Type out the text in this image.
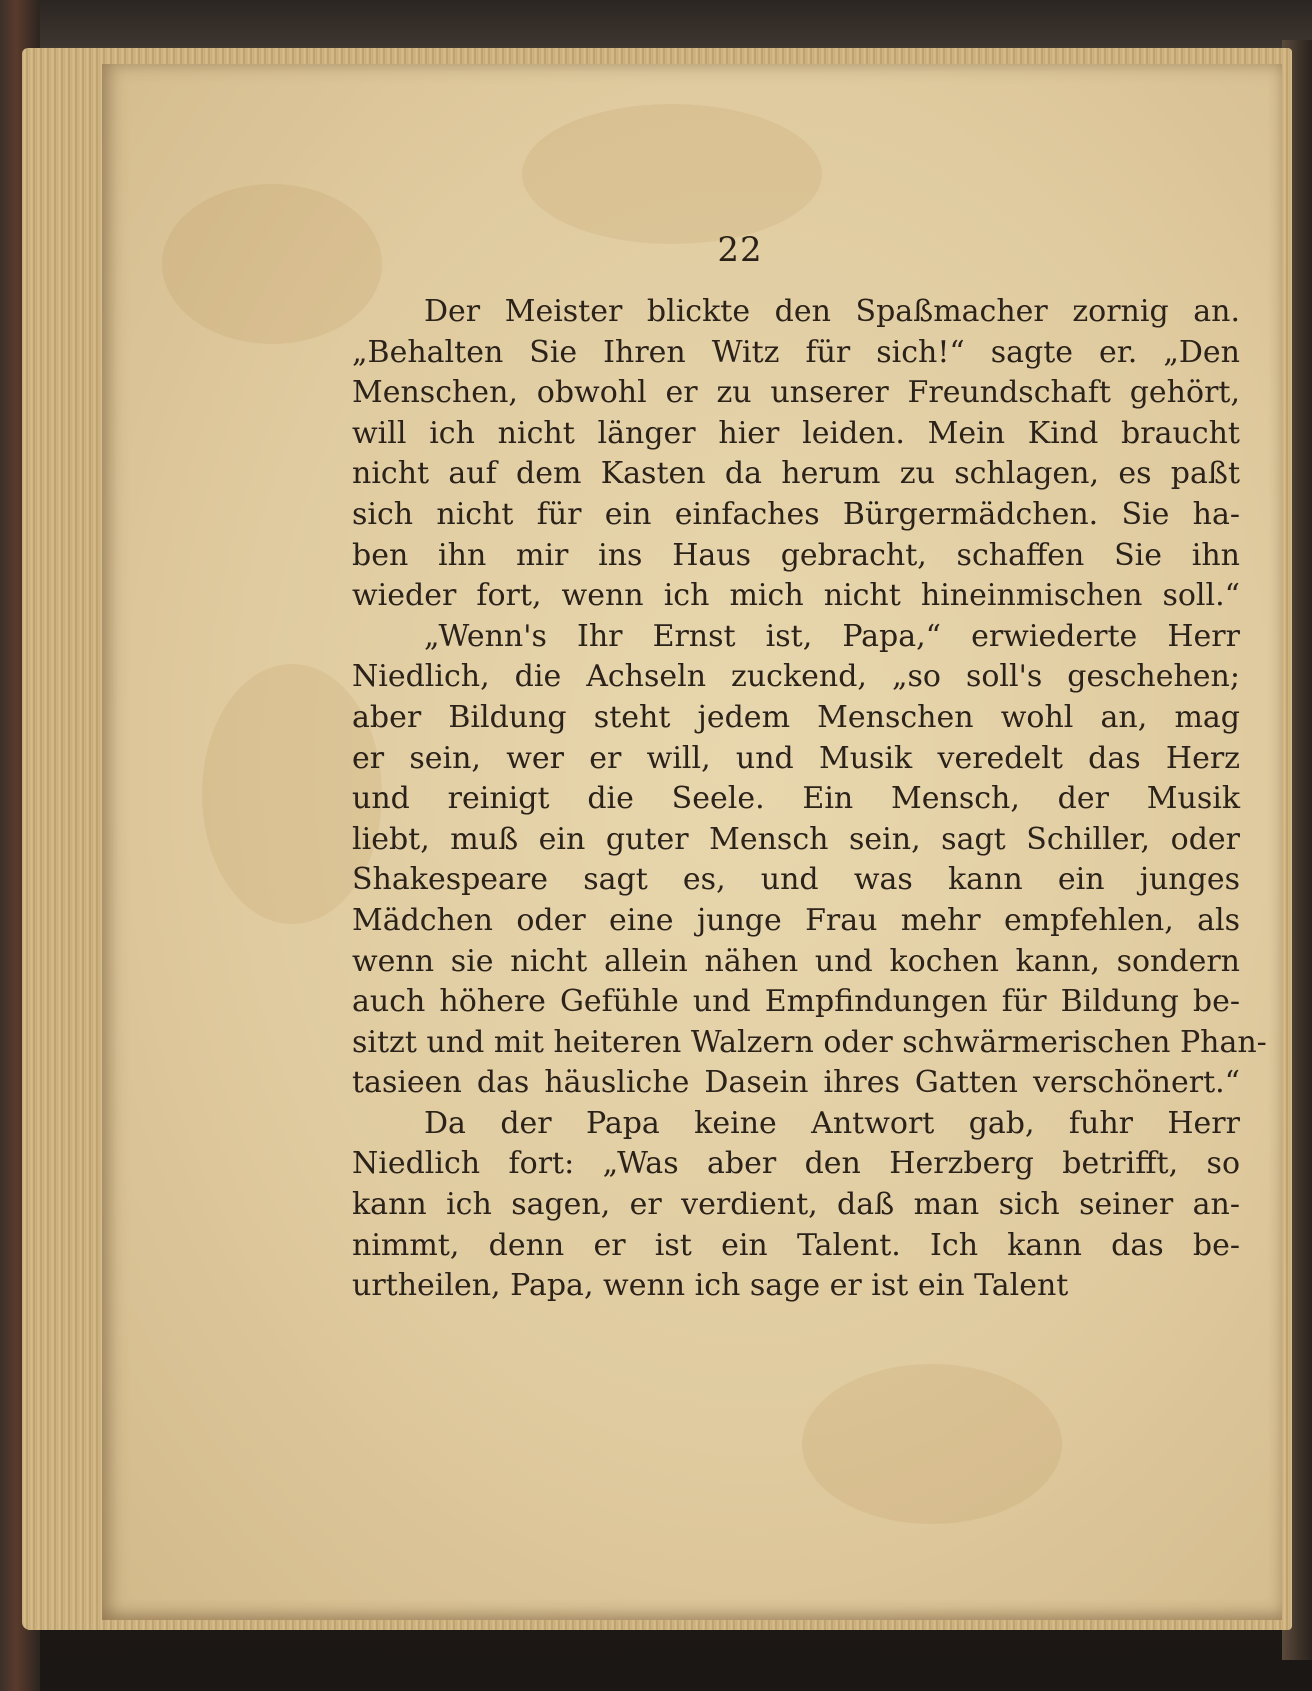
22
Der Meister blickte den Spaßmacher zornig an.
„Behalten Sie Ihren Witz für sich!“ sagte er. „Den
Menschen, obwohl er zu unserer Freundschaft gehört,
will ich nicht länger hier leiden. Mein Kind braucht
nicht auf dem Kasten da herum zu schlagen, es paßt
sich nicht für ein einfaches Bürgermädchen. Sie ha-
ben ihn mir ins Haus gebracht, schaffen Sie ihn
wieder fort, wenn ich mich nicht hineinmischen soll.“
„Wenn's Ihr Ernst ist, Papa,“ erwiederte Herr
Niedlich, die Achseln zuckend, „so soll's geschehen;
aber Bildung steht jedem Menschen wohl an, mag
er sein, wer er will, und Musik veredelt das Herz
und reinigt die Seele. Ein Mensch, der Musik
liebt, muß ein guter Mensch sein, sagt Schiller, oder
Shakespeare sagt es, und was kann ein junges
Mädchen oder eine junge Frau mehr empfehlen, als
wenn sie nicht allein nähen und kochen kann, sondern
auch höhere Gefühle und Empfindungen für Bildung be-
sitzt und mit heiteren Walzern oder schwärmerischen Phan-
tasieen das häusliche Dasein ihres Gatten verschönert.“
Da der Papa keine Antwort gab, fuhr Herr
Niedlich fort: „Was aber den Herzberg betrifft, so
kann ich sagen, er verdient, daß man sich seiner an-
nimmt, denn er ist ein Talent. Ich kann das be-
urtheilen, Papa, wenn ich sage er ist ein Talent
